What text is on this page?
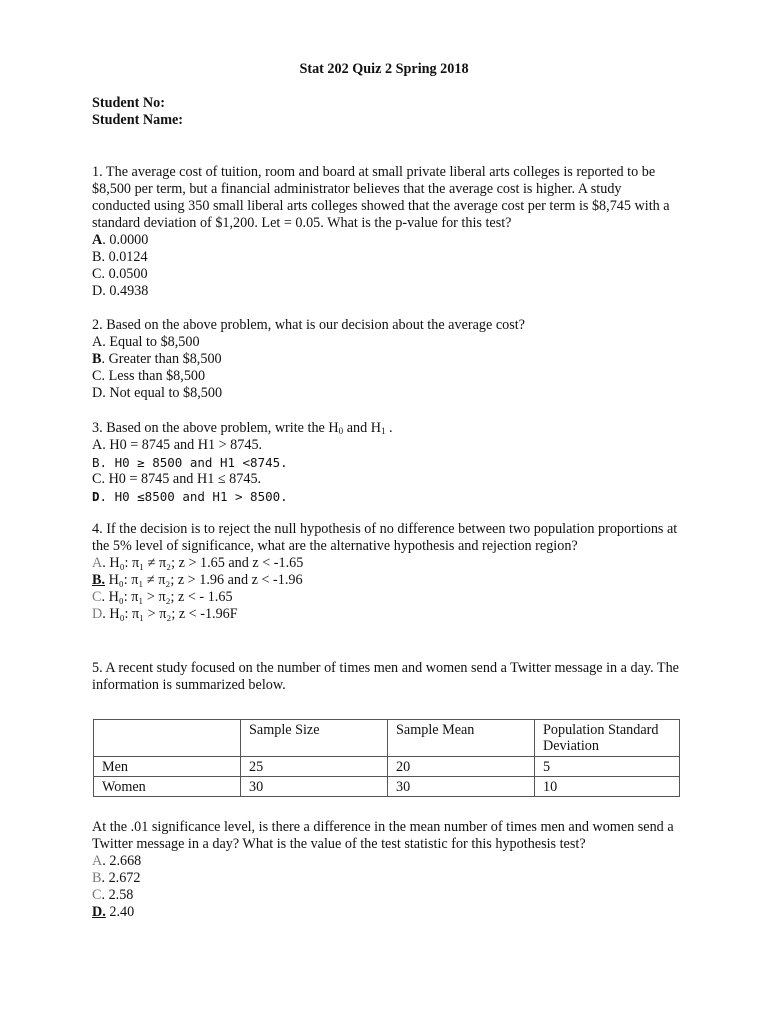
Stat 202 Quiz 2 Spring 2018
Student No:
Student Name:

1. The average cost of tuition, room and board at small private liberal arts colleges is reported to be $8,500 per term, but a financial administrator believes that the average cost is higher. A study conducted using 350 small liberal arts colleges showed that the average cost per term is $8,745 with a standard deviation of $1,200. Let = 0.05. What is the p-value for this test?

A. 0.0000
B. 0.0124
C. 0.0500
D. 0.4938

2. Based on the above problem, what is our decision about the average cost?

A. Equal to $8,500
B. Greater than $8,500
C. Less than $8,500
D. Not equal to $8,500

3. Based on the above problem, write the $H_0$ and $H_1$ .

A. H0 = 8745 and H1 > 8745.
B. H0 ≥ 8500 and H1 <8745.
C. H0 = 8745 and H1 ≤ 8745.
D. H0 ≤8500 and H1 > 8500.

4. If the decision is to reject the null hypothesis of no difference between two population proportions at the 5% level of significance, what are the alternative hypothesis and rejection region?

A. H₀: π₁ ≠ π₂; z > 1.65 and z < -1.65
B. H₀: π₁ ≠ π₂; z > 1.96 and z < -1.96
C. H₀: π₁ > π₂; z < - 1.65
D. H₀: π₁ > π₂; z < -1.96F

5. A recent study focused on the number of times men and women send a Twitter message in a day. The information is summarized below.

	Sample Size	Sample Mean	Population Standard Deviation
Men	25	20	5
Women	30	30	10

At the .01 significance level, is there a difference in the mean number of times men and women send a Twitter message in a day? What is the value of the test statistic for this hypothesis test?

A. 2.668
B. 2.672
C. 2.58
D. 2.40
